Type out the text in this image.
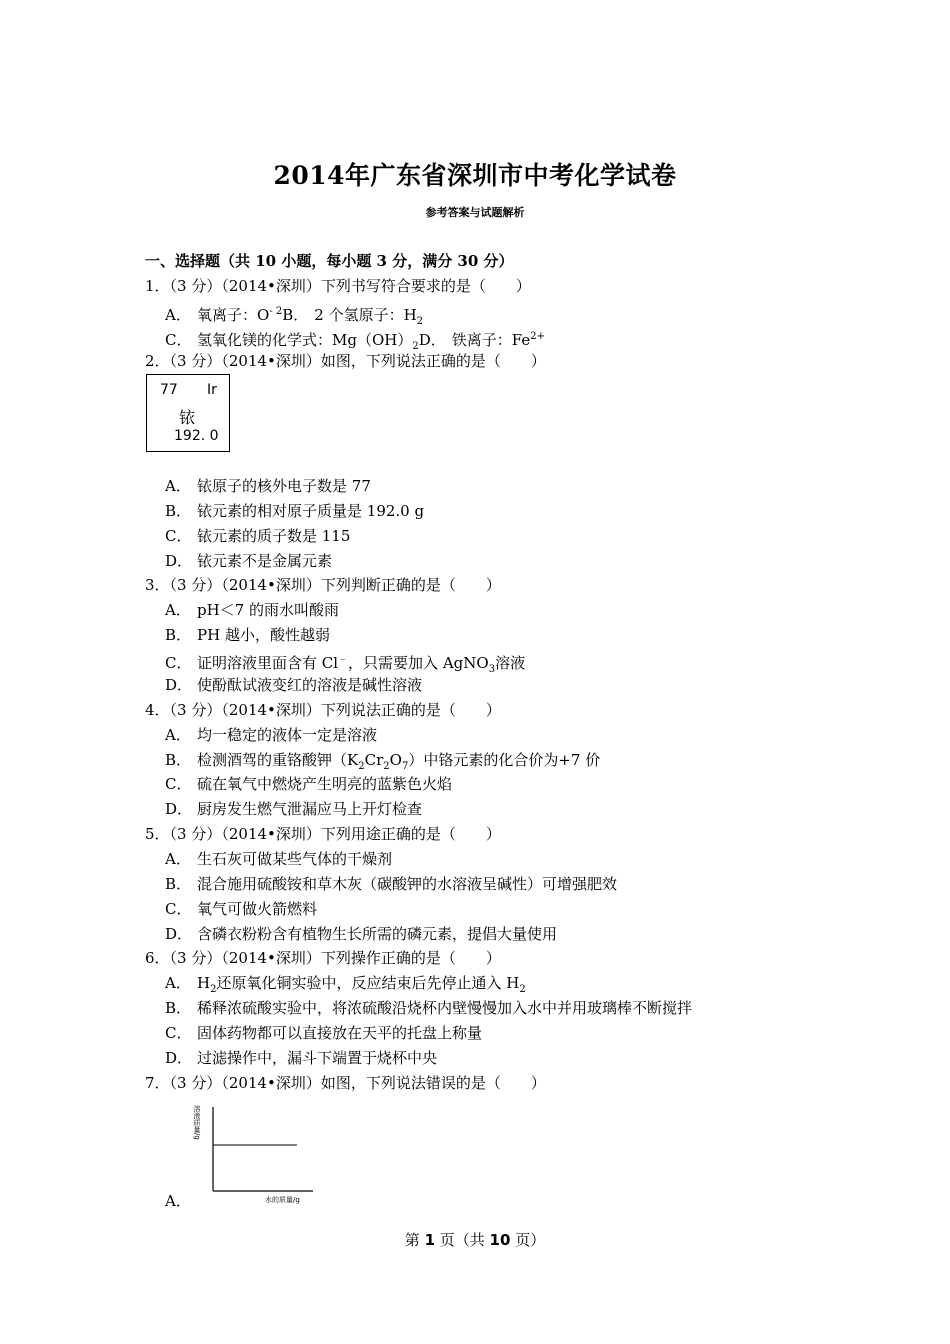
2014年广东省深圳市中考化学试卷
参考答案与试题解析
一、选择题（共 10 小题，每小题 3 分，满分 30 分）
1．（3 分）（2014•深圳）下列书写符合要求的是（　　）
A． 氧离子：$O^{- 2}B$． 2 个氢原子：$H_2$
C． 氢氧化镁的化学式：$Mg(OH)_2D$． 铁离子：$Fe^{2+}$
2．（3 分）（2014•深圳）如图，下列说法正确的是（　　）
77 Ir
铱
192. 0
A． 铱原子的核外电子数是 77
B． 铱元素的相对原子质量是 192.0 g
C． 铱元素的质子数是 115
D． 铱元素不是金属元素
3．（3 分）（2014•深圳）下列判断正确的是（　　）
A． pH＜7 的雨水叫酸雨
B． PH 越小，酸性越弱
C． 证明溶液里面含有 Cl﹣，只需要加入 AgNO$_3$溶液
D． 使酚酞试液变红的溶液是碱性溶液
4．（3 分）（2014•深圳）下列说法正确的是（　　）
A． 均一稳定的液体一定是溶液
B． 检测酒驾的重铬酸钾$(K_2Cr_2O_7)$中铬元素的化合价为+7 价
C． 硫在氧气中燃烧产生明亮的蓝紫色火焰
D． 厨房发生燃气泄漏应马上开灯检查
5．（3 分）（2014•深圳）下列用途正确的是（　　）
A． 生石灰可做某些气体的干燥剂
B． 混合施用硫酸铵和草木灰（碳酸钾的水溶液呈碱性）可增强肥效
C． 氧气可做火箭燃料
D． 含磷衣粉粉含有植物生长所需的磷元素，提倡大量使用
6．（3 分）（2014•深圳）下列操作正确的是（　　）
A． $H_2$还原氧化铜实验中，反应结束后先停止通入 $H_2$
B． 稀释浓硫酸实验中，将浓硫酸沿烧杯内壁慢慢加入水中并用玻璃棒不断搅拌
C． 固体药物都可以直接放在天平的托盘上称量
D． 过滤操作中，漏斗下端置于烧杯中央
7．（3 分）（2014•深圳）如图，下列说法错误的是（　　）
溶液质量/g
水的质量/g
A．
第 1 页（共 10 页）
